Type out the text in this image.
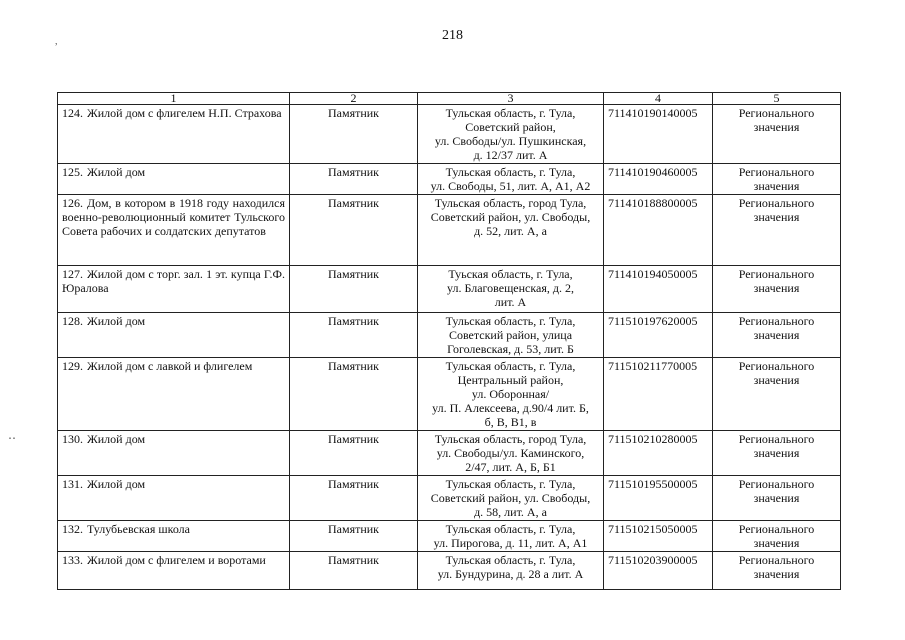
218
,
‥
1	2	3	4	5
124. Жилой дом с флигелем Н.П. Страхова	Памятник	Тульская область, г. Тула,
Советский район,
ул. Свободы/ул. Пушкинская,
д. 12/37 лит. А	711410190140005	Регионального значения
125. Жилой дом	Памятник	Тульская область, г. Тула,
ул. Свободы, 51, лит. А, А1, А2	711410190460005	Регионального значения
126. Дом, в котором в 1918 году находился военно-революционный комитет Тульского Совета рабочих и солдатских депутатов	Памятник	Тульская область, город Тула,
Советский район, ул. Свободы,
д. 52, лит. А, а	711410188800005	Регионального значения
127. Жилой дом с торг. зал. 1 эт. купца Г.Ф. Юралова	Памятник	Туьская область, г. Тула,
ул. Благовещенская, д. 2,
лит. А	711410194050005	Регионального значения
128. Жилой дом	Памятник	Тульская область, г. Тула,
Советский район, улица
Гоголевская, д. 53, лит. Б	711510197620005	Регионального значения
129. Жилой дом с лавкой и флигелем	Памятник	Тульская область, г. Тула,
Центральный район,
ул. Оборонная/
ул. П. Алексеева, д.90/4 лит. Б,
б, В, В1, в	711510211770005	Регионального значения
130. Жилой дом	Памятник	Тульская область, город Тула,
ул. Свободы/ул. Каминского,
2/47, лит. А, Б, Б1	711510210280005	Регионального значения
131. Жилой дом	Памятник	Тульская область, г. Тула,
Советский район, ул. Свободы,
д. 58, лит. А, а	711510195500005	Регионального значения
132. Тулубьевская школа	Памятник	Тульская область, г. Тула,
ул. Пирогова, д. 11, лит. А, А1	711510215050005	Регионального значения
133. Жилой дом с флигелем и воротами	Памятник	Тульская область, г. Тула,
ул. Бундурина, д. 28 а лит. А	711510203900005	Регионального значения
